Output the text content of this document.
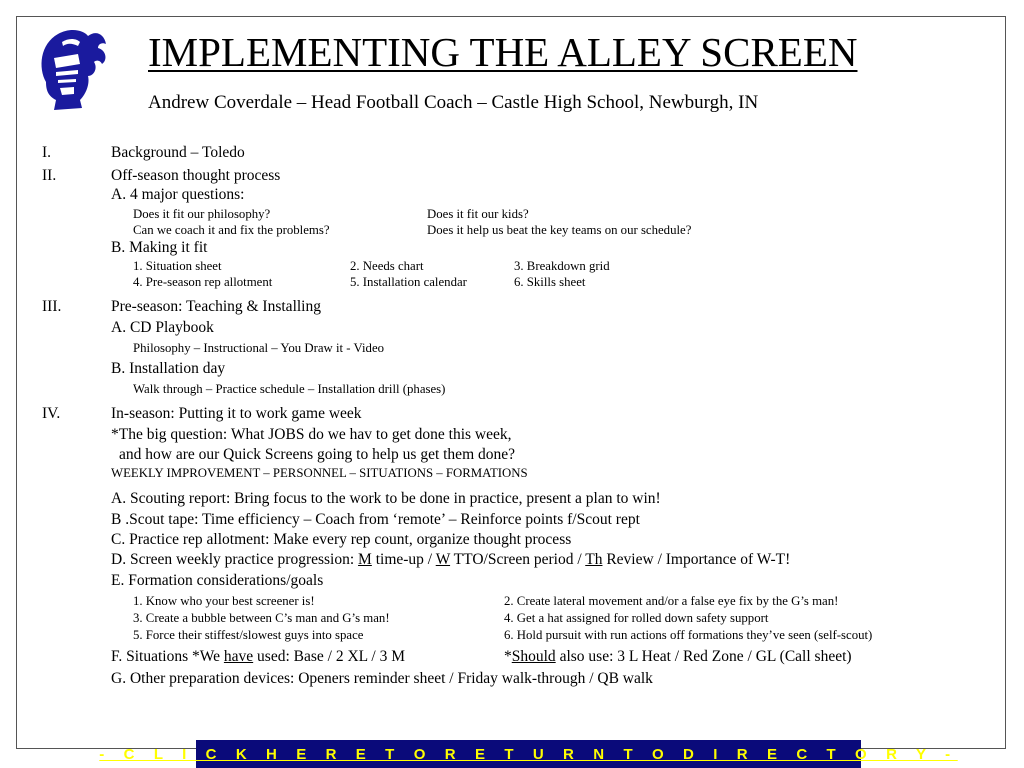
IMPLEMENTING THE ALLEY SCREEN
Andrew Coverdale – Head Football Coach – Castle High School, Newburgh, IN
I.	Background – Toledo
II.	Off-season thought process
A. 4 major questions:
Does it fit our philosophy?	Does it fit our kids?
Can we coach it and fix the problems?	Does it help us beat the key teams on our schedule?
B. Making it fit
1. Situation sheet	2. Needs chart	3. Breakdown grid
4. Pre-season rep allotment	5. Installation calendar	6. Skills sheet
III.	Pre-season: Teaching & Installing
A. CD Playbook
Philosophy – Instructional – You Draw it - Video
B. Installation day
Walk through – Practice schedule – Installation drill (phases)
IV.	In-season: Putting it to work game week
*The big question: What JOBS do we hav to get done this week,
and how are our Quick Screens going to help us get them done?
WEEKLY IMPROVEMENT – PERSONNEL – SITUATIONS – FORMATIONS
A. Scouting report: Bring focus to the work to be done in practice, present a plan to win!
B .Scout tape: Time efficiency – Coach from ‘remote’ – Reinforce points f/Scout rept
C. Practice rep allotment: Make every rep count, organize thought process
D. Screen weekly practice progression: M time-up / W TTO/Screen period / Th Review / Importance of W-T!
E. Formation considerations/goals
1. Know who your best screener is!	2. Create lateral movement and/or a false eye fix by the G’s man!
3. Create a bubble between C’s man and G’s man!	4. Get a hat assigned for rolled down safety support
5. Force their stiffest/slowest guys into space	6. Hold pursuit with run actions off formations they’ve seen (self-scout)
F. Situations *We have used: Base / 2 XL / 3 M	*Should also use: 3 L Heat / Red Zone / GL (Call sheet)
G. Other preparation devices: Openers reminder sheet / Friday walk-through / QB walk
- C L I C K H E R E T O R E T U R N T O D I R E C T O R Y -
